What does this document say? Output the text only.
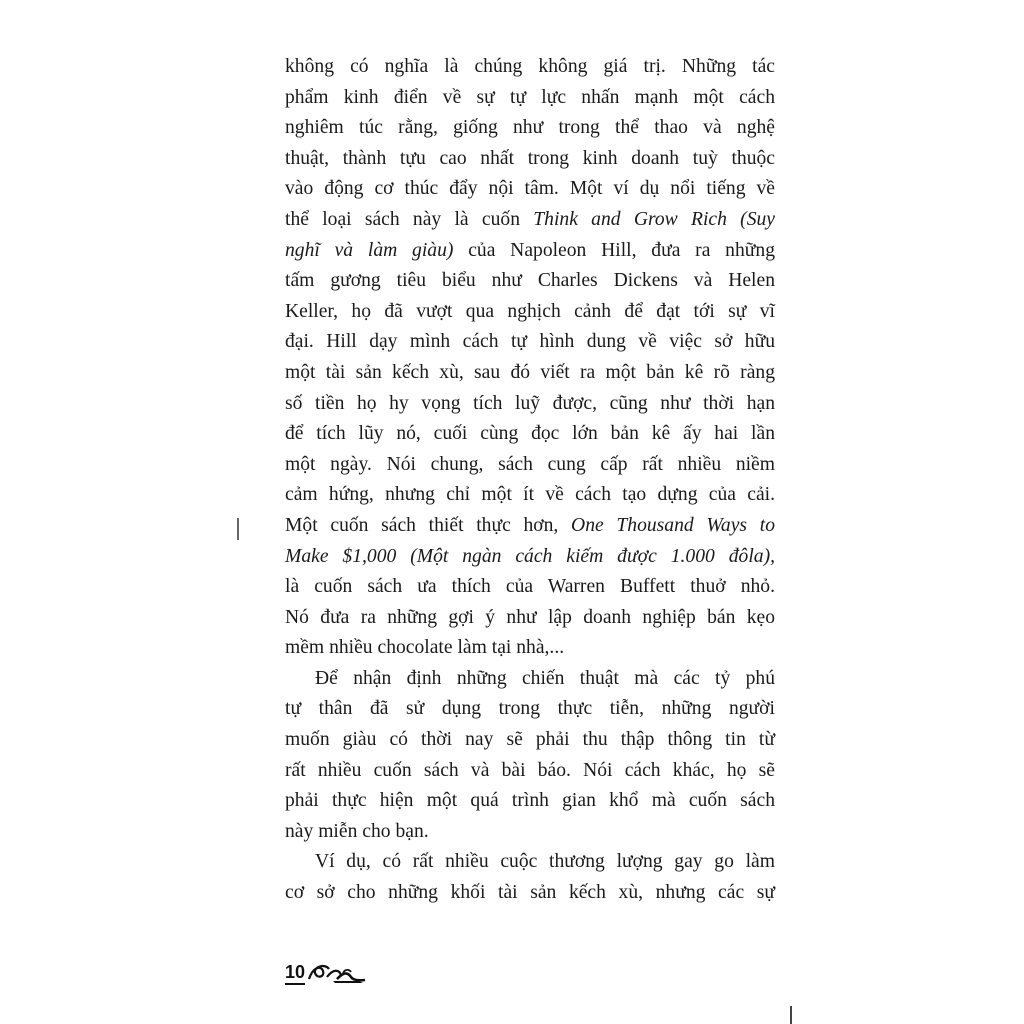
không có nghĩa là chúng không giá trị. Những tác
phẩm kinh điển về sự tự lực nhấn mạnh một cách
nghiêm túc rằng, giống như trong thể thao và nghệ
thuật, thành tựu cao nhất trong kinh doanh tuỳ thuộc
vào động cơ thúc đẩy nội tâm. Một ví dụ nổi tiếng về
thể loại sách này là cuốn Think and Grow Rich (Suy
nghĩ và làm giàu) của Napoleon Hill, đưa ra những
tấm gương tiêu biểu như Charles Dickens và Helen
Keller, họ đã vượt qua nghịch cảnh để đạt tới sự vĩ
đại. Hill dạy mình cách tự hình dung về việc sở hữu
một tài sản kếch xù, sau đó viết ra một bản kê rõ ràng
số tiền họ hy vọng tích luỹ được, cũng như thời hạn
để tích lũy nó, cuối cùng đọc lớn bản kê ấy hai lần
một ngày. Nói chung, sách cung cấp rất nhiều niềm
cảm hứng, nhưng chỉ một ít về cách tạo dựng của cải.
Một cuốn sách thiết thực hơn, One Thousand Ways to
Make $1,000 (Một ngàn cách kiếm được 1.000 đôla),
là cuốn sách ưa thích của Warren Buffett thuở nhỏ.
Nó đưa ra những gợi ý như lập doanh nghiệp bán kẹo
mềm nhiều chocolate làm tại nhà,...
Để nhận định những chiến thuật mà các tỷ phú
tự thân đã sử dụng trong thực tiễn, những người
muốn giàu có thời nay sẽ phải thu thập thông tin từ
rất nhiều cuốn sách và bài báo. Nói cách khác, họ sẽ
phải thực hiện một quá trình gian khổ mà cuốn sách
này miễn cho bạn.
Ví dụ, có rất nhiều cuộc thương lượng gay go làm
cơ sở cho những khối tài sản kếch xù, nhưng các sự
10
